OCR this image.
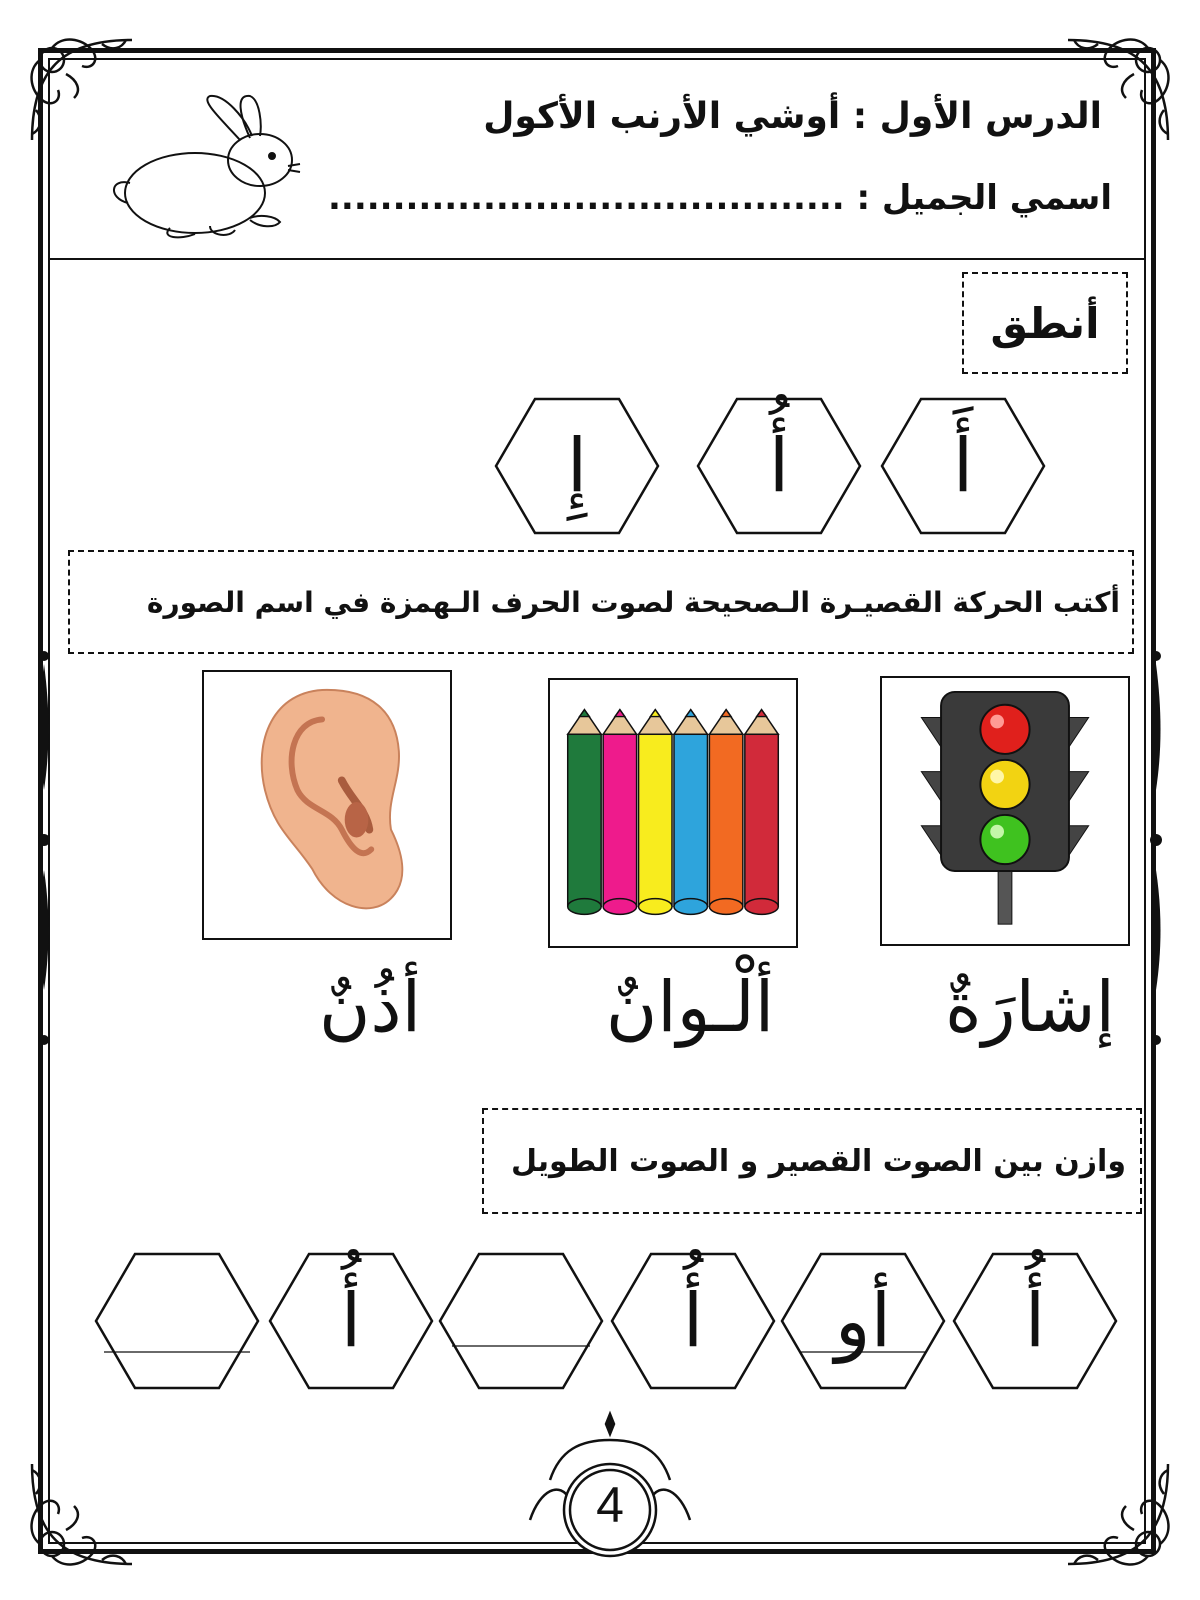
الدرس الأول : أوشي الأرنب الأكول
اسمي الجميل : ........................................
أنطق
أَ
أُ
إِ
أكتب الحركة القصيـرة الـصحيحة لصوت الحرف الـهمزة في اسم الصورة
إشارَةٌ
ألْـوانٌ
أذُنٌ
وازن بين الصوت القصير و الصوت الطويل
أُ
أو
أُ
أُ
4
